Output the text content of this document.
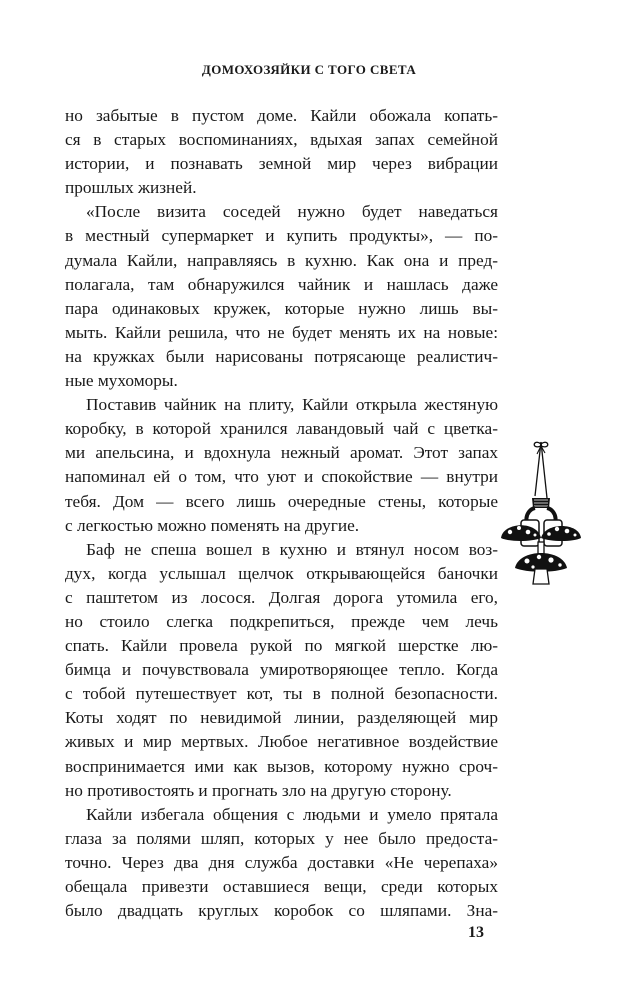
ДОМОХОЗЯЙКИ С ТОГО СВЕТА
но забытые в пустом доме. Кайли обожала копать-
ся в старых воспоминаниях, вдыхая запах семейной
истории, и познавать земной мир через вибрации
прошлых жизней.
«После визита соседей нужно будет наведаться
в местный супермаркет и купить продукты», — по-
думала Кайли, направляясь в кухню. Как она и пред-
полагала, там обнаружился чайник и нашлась даже
пара одинаковых кружек, которые нужно лишь вы-
мыть. Кайли решила, что не будет менять их на новые:
на кружках были нарисованы потрясающе реалистич-
ные мухоморы.
Поставив чайник на плиту, Кайли открыла жестяную
коробку, в которой хранился лавандовый чай с цветка-
ми апельсина, и вдохнула нежный аромат. Этот запах
напоминал ей о том, что уют и спокойствие — внутри
тебя. Дом — всего лишь очередные стены, которые
с легкостью можно поменять на другие.
Баф не спеша вошел в кухню и втянул носом воз-
дух, когда услышал щелчок открывающейся баночки
с паштетом из лосося. Долгая дорога утомила его,
но стоило слегка подкрепиться, прежде чем лечь
спать. Кайли провела рукой по мягкой шерстке лю-
бимца и почувствовала умиротворяющее тепло. Когда
с тобой путешествует кот, ты в полной безопасности.
Коты ходят по невидимой линии, разделяющей мир
живых и мир мертвых. Любое негативное воздействие
воспринимается ими как вызов, которому нужно сроч-
но противостоять и прогнать зло на другую сторону.
Кайли избегала общения с людьми и умело прятала
глаза за полями шляп, которых у нее было предоста-
точно. Через два дня служба доставки «Не черепаха»
обещала привезти оставшиеся вещи, среди которых
было двадцать круглых коробок со шляпами. Зна-
13
